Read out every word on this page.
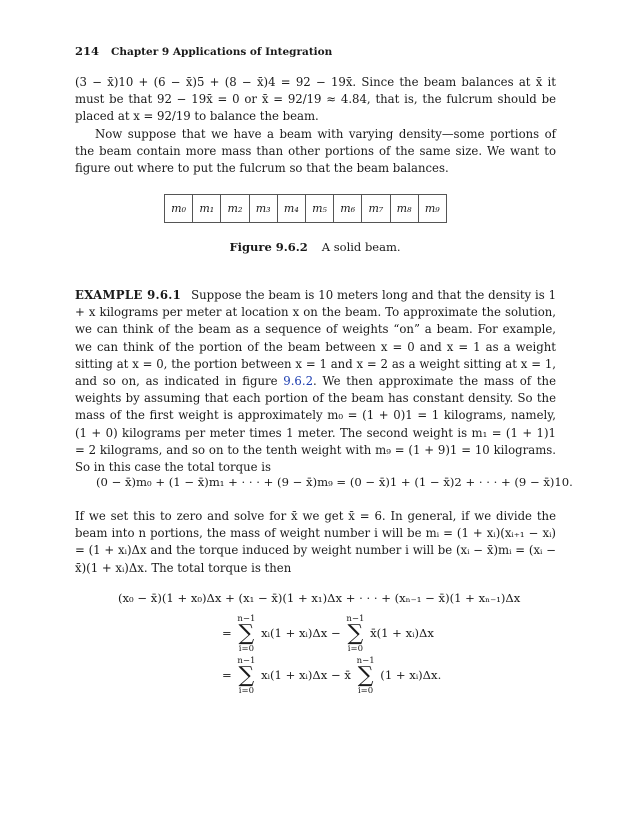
214 Chapter 9 Applications of Integration
(3 − x̄)10 + (6 − x̄)5 + (8 − x̄)4 = 92 − 19x̄. Since the beam balances at x̄ it must be that 92 − 19x̄ = 0 or x̄ = 92/19 ≈ 4.84, that is, the fulcrum should be placed at x = 92/19 to balance the beam.
Now suppose that we have a beam with varying density—some portions of the beam contain more mass than other portions of the same size. We want to figure out where to put the fulcrum so that the beam balances.
m₀	m₁	m₂	m₃	m₄	m₅	m₆	m₇	m₈	m₉
Figure 9.6.2 A solid beam.
EXAMPLE 9.6.1 Suppose the beam is 10 meters long and that the density is 1 + x kilograms per meter at location x on the beam. To approximate the solution, we can think of the beam as a sequence of weights “on” a beam. For example, we can think of the portion of the beam between x = 0 and x = 1 as a weight sitting at x = 0, the portion between x = 1 and x = 2 as a weight sitting at x = 1, and so on, as indicated in figure 9.6.2. We then approximate the mass of the weights by assuming that each portion of the beam has constant density. So the mass of the first weight is approximately m₀ = (1 + 0)1 = 1 kilograms, namely, (1 + 0) kilograms per meter times 1 meter. The second weight is m₁ = (1 + 1)1 = 2 kilograms, and so on to the tenth weight with m₉ = (1 + 9)1 = 10 kilograms. So in this case the total torque is
(0 − x̄)m₀ + (1 − x̄)m₁ + · · · + (9 − x̄)m₉ = (0 − x̄)1 + (1 − x̄)2 + · · · + (9 − x̄)10.
If we set this to zero and solve for x̄ we get x̄ = 6. In general, if we divide the beam into n portions, the mass of weight number i will be mᵢ = (1 + xᵢ)(xᵢ₊₁ − xᵢ) = (1 + xᵢ)Δx and the torque induced by weight number i will be (xᵢ − x̄)mᵢ = (xᵢ − x̄)(1 + xᵢ)Δx. The total torque is then
(x₀ − x̄)(1 + x₀)Δx + (x₁ − x̄)(1 + x₁)Δx + · · · + (xₙ₋₁ − x̄)(1 + xₙ₋₁)Δx
=
n−1
∑
i=0
xᵢ(1 + xᵢ)Δx −
n−1
∑
i=0
x̄(1 + xᵢ)Δx
=
n−1
∑
i=0
xᵢ(1 + xᵢ)Δx − x̄
n−1
∑
i=0
(1 + xᵢ)Δx.
